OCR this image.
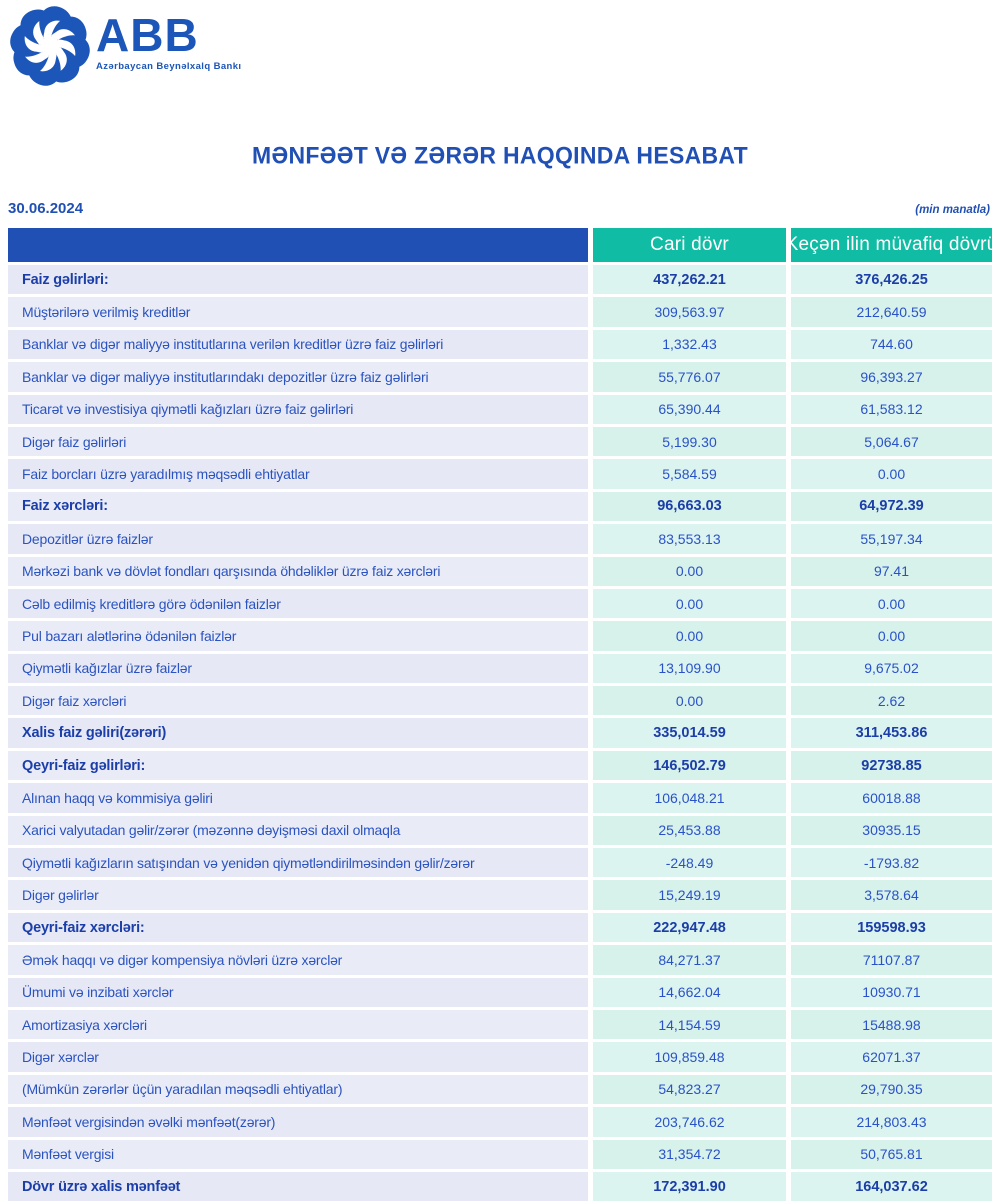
ABB
Azərbaycan Beynəlxalq Bankı
MƏNFƏƏT VƏ ZƏRƏR HAQQINDA HESABAT
30.06.2024	(min manatla)
Cari dövr	Keçən ilin müvafiq dövrü
Faiz gəlirləri:	437,262.21	376,426.25
Müştərilərə verilmiş kreditlər	309,563.97	212,640.59
Banklar və digər maliyyə institutlarına verilən kreditlər üzrə faiz gəlirləri	1,332.43	744.60
Banklar və digər maliyyə institutlarındakı depozitlər üzrə faiz gəlirləri	55,776.07	96,393.27
Ticarət və investisiya qiymətli kağızları üzrə faiz gəlirləri	65,390.44	61,583.12
Digər faiz gəlirləri	5,199.30	5,064.67
Faiz borcları üzrə yaradılmış məqsədli ehtiyatlar	5,584.59	0.00
Faiz xərcləri:	96,663.03	64,972.39
Depozitlər üzrə faizlər	83,553.13	55,197.34
Mərkəzi bank və dövlət fondları qarşısında öhdəliklər üzrə faiz xərcləri	0.00	97.41
Cəlb edilmiş kreditlərə görə ödənilən faizlər	0.00	0.00
Pul bazarı alətlərinə ödənilən faizlər	0.00	0.00
Qiymətli kağızlar üzrə faizlər	13,109.90	9,675.02
Digər faiz xərcləri	0.00	2.62
Xalis faiz gəliri(zərəri)	335,014.59	311,453.86
Qeyri-faiz gəlirləri:	146,502.79	92738.85
Alınan haqq və kommisiya gəliri	106,048.21	60018.88
Xarici valyutadan gəlir/zərər (məzənnə dəyişməsi daxil olmaqla	25,453.88	30935.15
Qiymətli kağızların satışından və yenidən qiymətləndirilməsindən gəlir/zərər	-248.49	-1793.82
Digər gəlirlər	15,249.19	3,578.64
Qeyri-faiz xərcləri:	222,947.48	159598.93
Əmək haqqı və digər kompensiya növləri üzrə xərclər	84,271.37	71107.87
Ümumi və inzibati xərclər	14,662.04	10930.71
Amortizasiya xərcləri	14,154.59	15488.98
Digər xərclər	109,859.48	62071.37
(Mümkün zərərlər üçün yaradılan məqsədli ehtiyatlar)	54,823.27	29,790.35
Mənfəət vergisindən əvəlki mənfəət(zərər)	203,746.62	214,803.43
Mənfəət vergisi	31,354.72	50,765.81
Dövr üzrə xalis mənfəət	172,391.90	164,037.62
